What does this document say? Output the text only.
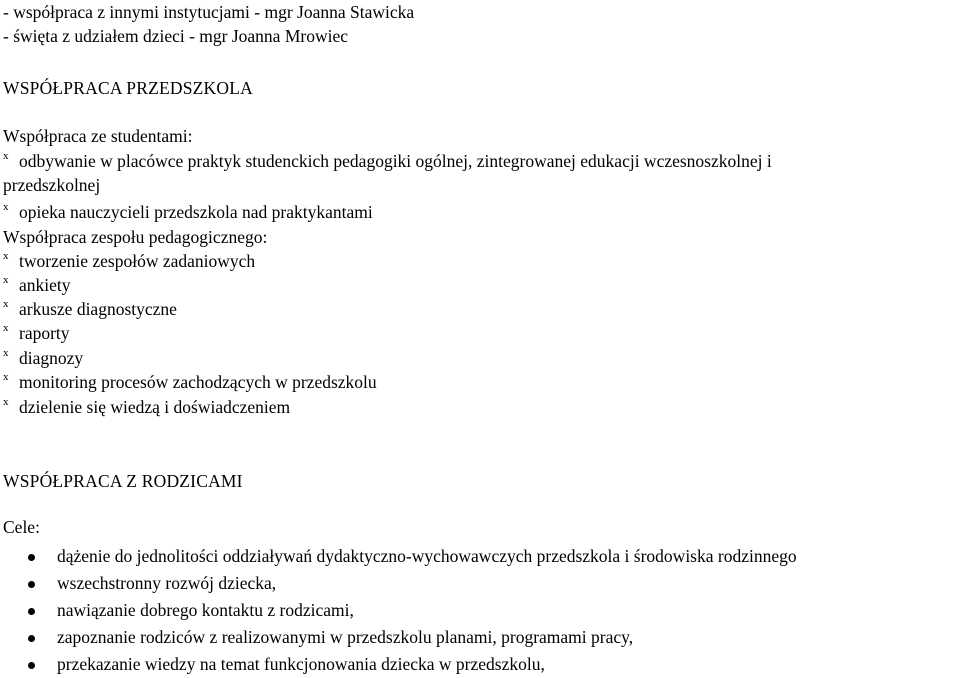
- współpraca z innymi instytucjami - mgr Joanna Stawicka
- święta z udziałem dzieci - mgr Joanna Mrowiec
WSPÓŁPRACA PRZEDSZKOLA
Współpraca ze studentami:
x odbywanie w placówce praktyk studenckich pedagogiki ogólnej, zintegrowanej edukacji wczesnoszkolnej i
przedszkolnej
x opieka nauczycieli przedszkola nad praktykantami
Współpraca zespołu pedagogicznego:
x tworzenie zespołów zadaniowych
x ankiety
x arkusze diagnostyczne
x raporty
x diagnozy
x monitoring procesów zachodzących w przedszkolu
x dzielenie się wiedzą i doświadczeniem
WSPÓŁPRACA Z RODZICAMI
Cele:
dążenie do jednolitości oddziaływań dydaktyczno-wychowawczych przedszkola i środowiska rodzinnego
wszechstronny rozwój dziecka,
nawiązanie dobrego kontaktu z rodzicami,
zapoznanie rodziców z realizowanymi w przedszkolu planami, programami pracy,
przekazanie wiedzy na temat funkcjonowania dziecka w przedszkolu,
